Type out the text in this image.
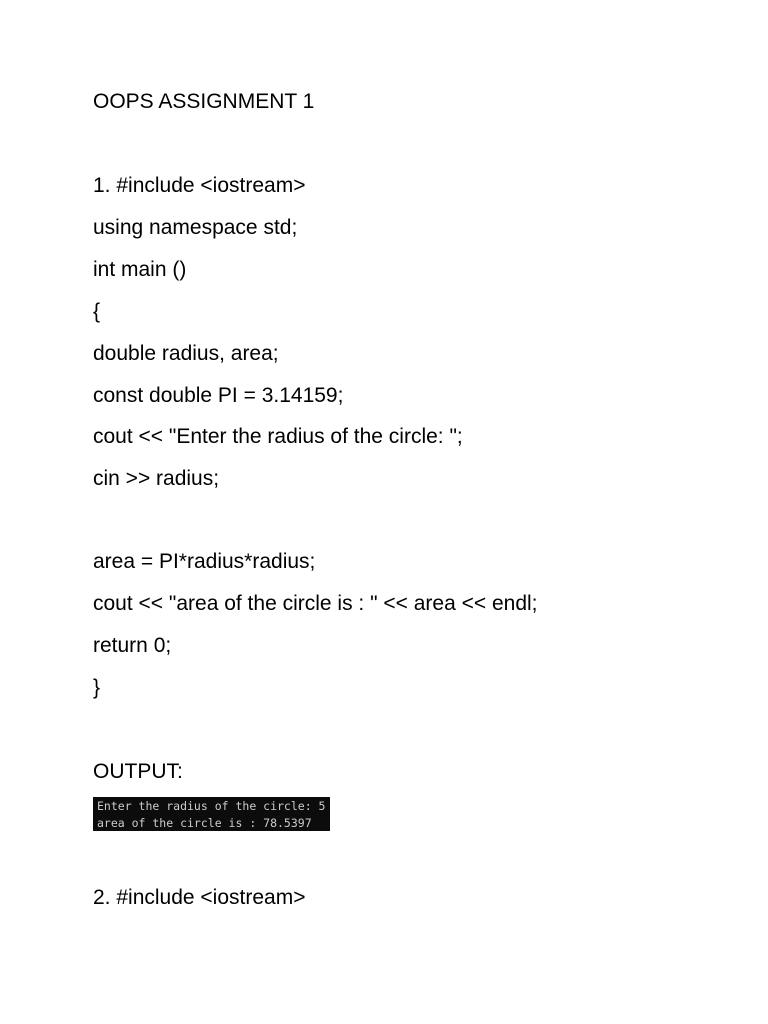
OOPS ASSIGNMENT 1
1. #include <iostream>
using namespace std;
int main ()
{
double radius, area;
const double PI = 3.14159;
cout << "Enter the radius of the circle: ";
cin >> radius;
area = PI*radius*radius;
cout << "area of the circle is : " << area << endl;
return 0;
}
OUTPUT:
Enter the radius of the circle: 5
area of the circle is : 78.5397
2. #include <iostream>
